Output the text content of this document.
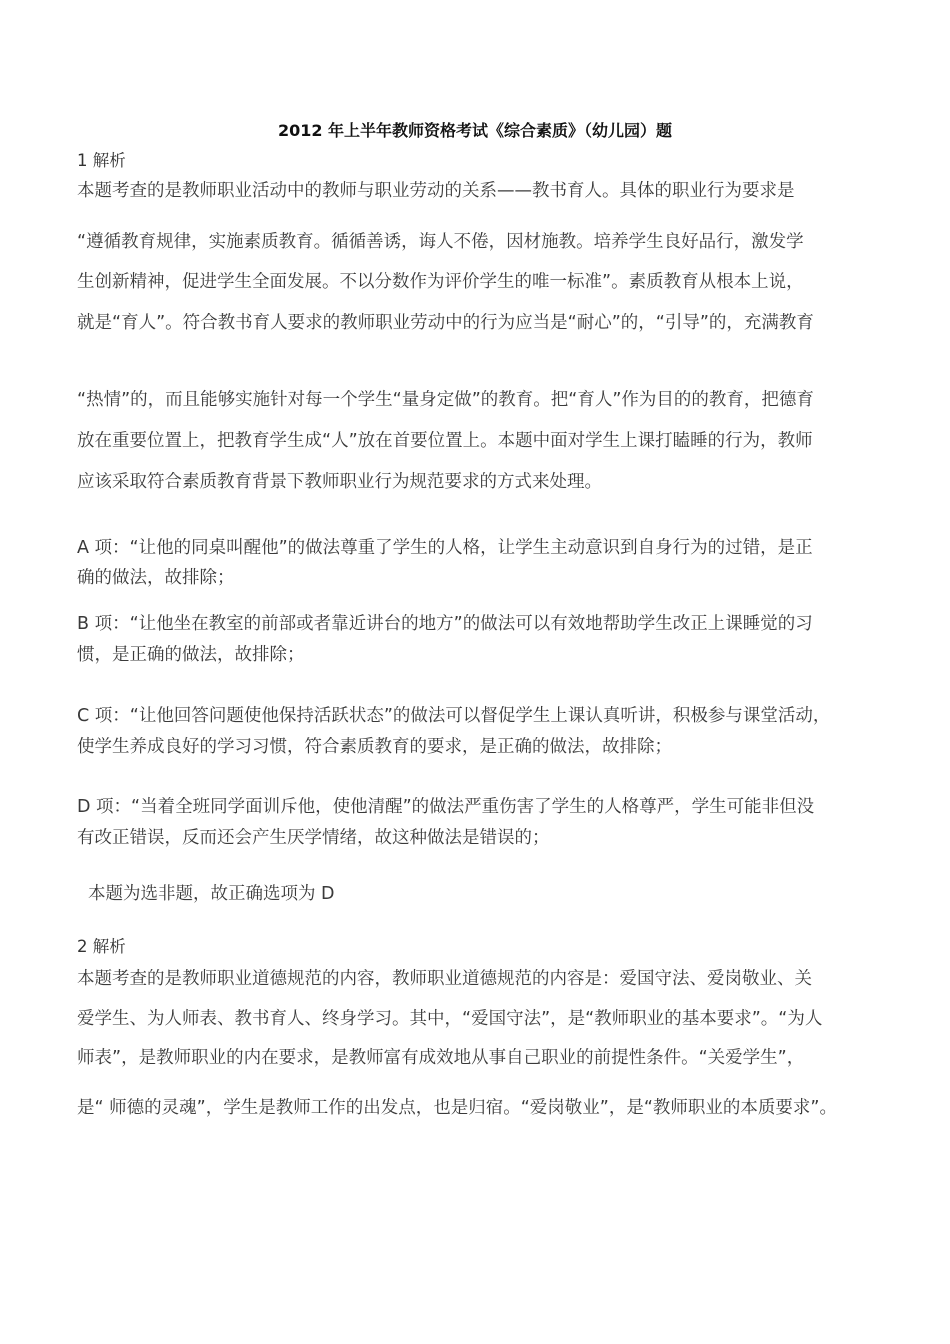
2012 年上半年教师资格考试《综合素质》（幼儿园）题
1 解析
本题考查的是教师职业活动中的教师与职业劳动的关系——教书育人。具体的职业行为要求是
“遵循教育规律，实施素质教育。循循善诱，诲人不倦，因材施教。培养学生良好品行，激发学
生创新精神，促进学生全面发展。不以分数作为评价学生的唯一标准”。素质教育从根本上说，
就是“育人”。符合教书育人要求的教师职业劳动中的行为应当是“耐心”的，“引导”的，充满教育
“热情”的，而且能够实施针对每一个学生“量身定做”的教育。把“育人”作为目的的教育，把德育
放在重要位置上，把教育学生成“人”放在首要位置上。本题中面对学生上课打瞌睡的行为，教师
应该采取符合素质教育背景下教师职业行为规范要求的方式来处理。
A 项：“让他的同桌叫醒他”的做法尊重了学生的人格，让学生主动意识到自身行为的过错，是正
确的做法，故排除；
B 项：“让他坐在教室的前部或者靠近讲台的地方”的做法可以有效地帮助学生改正上课睡觉的习
惯，是正确的做法，故排除；
C 项：“让他回答问题使他保持活跃状态”的做法可以督促学生上课认真听讲，积极参与课堂活动，
使学生养成良好的学习习惯，符合素质教育的要求，是正确的做法，故排除；
D 项：“当着全班同学面训斥他，使他清醒”的做法严重伤害了学生的人格尊严，学生可能非但没
有改正错误，反而还会产生厌学情绪，故这种做法是错误的；
本题为选非题，故正确选项为 D
2 解析
本题考查的是教师职业道德规范的内容，教师职业道德规范的内容是：爱国守法、爱岗敬业、关
爱学生、为人师表、教书育人、终身学习。其中，“爱国守法”，是“教师职业的基本要求”。“为人
师表”，是教师职业的内在要求，是教师富有成效地从事自己职业的前提性条件。“关爱学生”，
是“ 师德的灵魂”，学生是教师工作的出发点，也是归宿。“爱岗敬业”，是“教师职业的本质要求”。
